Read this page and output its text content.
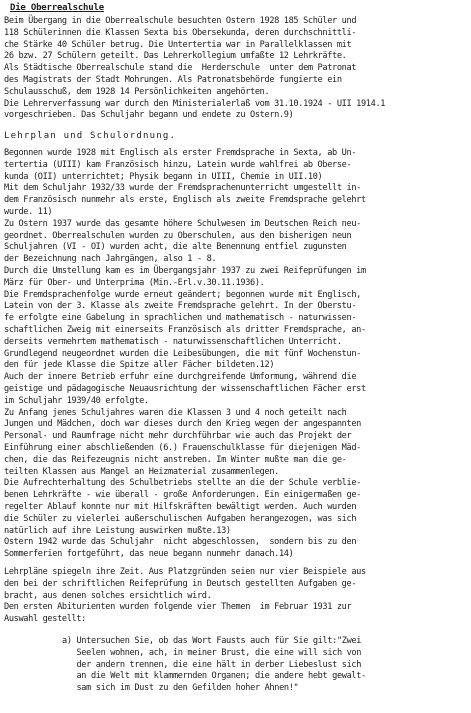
Die Oberrealschule
Beim Übergang in die Oberrealschule besuchten Ostern 1928 185 Schüler und
118 Schülerinnen die Klassen Sexta bis Obersekunda, deren durchschnittli-
che Stärke 40 Schüler betrug. Die Untertertia war in Parallelklassen mit
26 bzw. 27 Schülern geteilt. Das Lehrerkollegium umfaßte 12 Lehrkräfte.
Als Städtische Oberrealschule stand die  Herderschule  unter dem Patronat
des Magistrats der Stadt Mohrungen. Als Patronatsbehörde fungierte ein
Schulausschuß, dem 1928 14 Persönlichkeiten angehörten.
Die Lehrerverfassung war durch den Ministerialerlaß vom 31.10.1924 - UII 1914.1
vorgeschrieben. Das Schuljahr begann und endete zu Ostern.9)
Lehrplan und Schulordnung.
Begonnen wurde 1928 mit Englisch als erster Fremdsprache in Sexta, ab Un-
tertertia (UIII) kam Französisch hinzu, Latein wurde wahlfrei ab Oberse-
kunda (OII) unterrichtet; Physik begann in UIII, Chemie in UII.10)
Mit dem Schuljahr 1932/33 wurde der Fremdsprachenunterricht umgestellt in-
dem Französisch nunmehr als erste, Englisch als zweite Fremdsprache gelehrt
wurde. 11)
Zu Ostern 1937 wurde das gesamte höhere Schulwesen im Deutschen Reich neu-
geordnet. Oberrealschulen wurden zu Oberschulen, aus den bisherigen neun
Schuljahren (VI - OI) wurden acht, die alte Benennung entfiel zugunsten
der Bezeichnung nach Jahrgängen, also 1 - 8.
Durch die Umstellung kam es im Übergangsjahr 1937 zu zwei Reifeprüfungen im
März für Ober- und Unterprima (Min.-Erl.v.30.11.1936).
Die Fremdsprachenfolge wurde erneut geändert; begonnen wurde mit Englisch,
Latein von der 3. Klasse als zweite Fremdsprache gelehrt. In der Oberstu-
fe erfolgte eine Gabelung in sprachlichen und mathematisch - naturwissen-
schaftlichen Zweig mit einerseits Französisch als dritter Fremdsprache, an-
derseits vermehrtem mathematisch - naturwissenschaftlichen Unterricht.
Grundlegend neugeordnet wurden die Leibesübungen, die mit fünf Wochenstun-
den für jede Klasse die Spitze aller Fächer bildeten.12)
Auch der innere Betrieb erfuhr eine durchgreifende Umformung, während die
geistige und pädagogische Neuausrichtung der wissenschaftlichen Fächer erst
im Schuljahr 1939/40 erfolgte.
Zu Anfang jenes Schuljahres waren die Klassen 3 und 4 noch geteilt nach
Jungen und Mädchen, doch war dieses durch den Krieg wegen der angespannten
Personal- und Raumfrage nicht mehr durchführbar wie auch das Projekt der
Einführung einer abschließenden (6.) Frauenschulklasse für diejenigen Mäd-
chen, die das Reifezeugnis nicht anstreben. Im Winter mußte man die ge-
teilten Klassen aus Mangel an Heizmaterial zusammenlegen.
Die Aufrechterhaltung des Schulbetriebs stellte an die der Schule verblie-
benen Lehrkräfte - wie überall - große Anforderungen. Ein einigermaßen ge-
regelter Ablauf konnte nur mit Hilfskräften bewältigt werden. Auch wurden
die Schüler zu vielerlei außerschulischen Aufgaben herangezogen, was sich
natürlich auf ihre Leistung auswirken mußte.13)
Ostern 1942 wurde das Schuljahr  nicht abgeschlossen,  sondern bis zu den
Sommerferien fortgeführt, das neue begann nunmehr danach.14)
Lehrpläne spiegeln ihre Zeit. Aus Platzgründen seien nur vier Beispiele aus
den bei der schriftlichen Reifeprüfung in Deutsch gestellten Aufgaben ge-
bracht, aus denen solches ersichtlich wird.
Den ersten Abiturienten wurden folgende vier Themen  im Februar 1931 zur
Auswahl gestellt:
a) Untersuchen Sie, ob das Wort Fausts auch für Sie gilt:"Zwei
Seelen wohnen, ach, in meiner Brust, die eine will sich von
der andern trennen, die eine hält in derber Liebeslust sich
an die Welt mit klammernden Organen; die andere hebt gewalt-
sam sich im Dust zu den Gefilden hoher Ahnen!"
